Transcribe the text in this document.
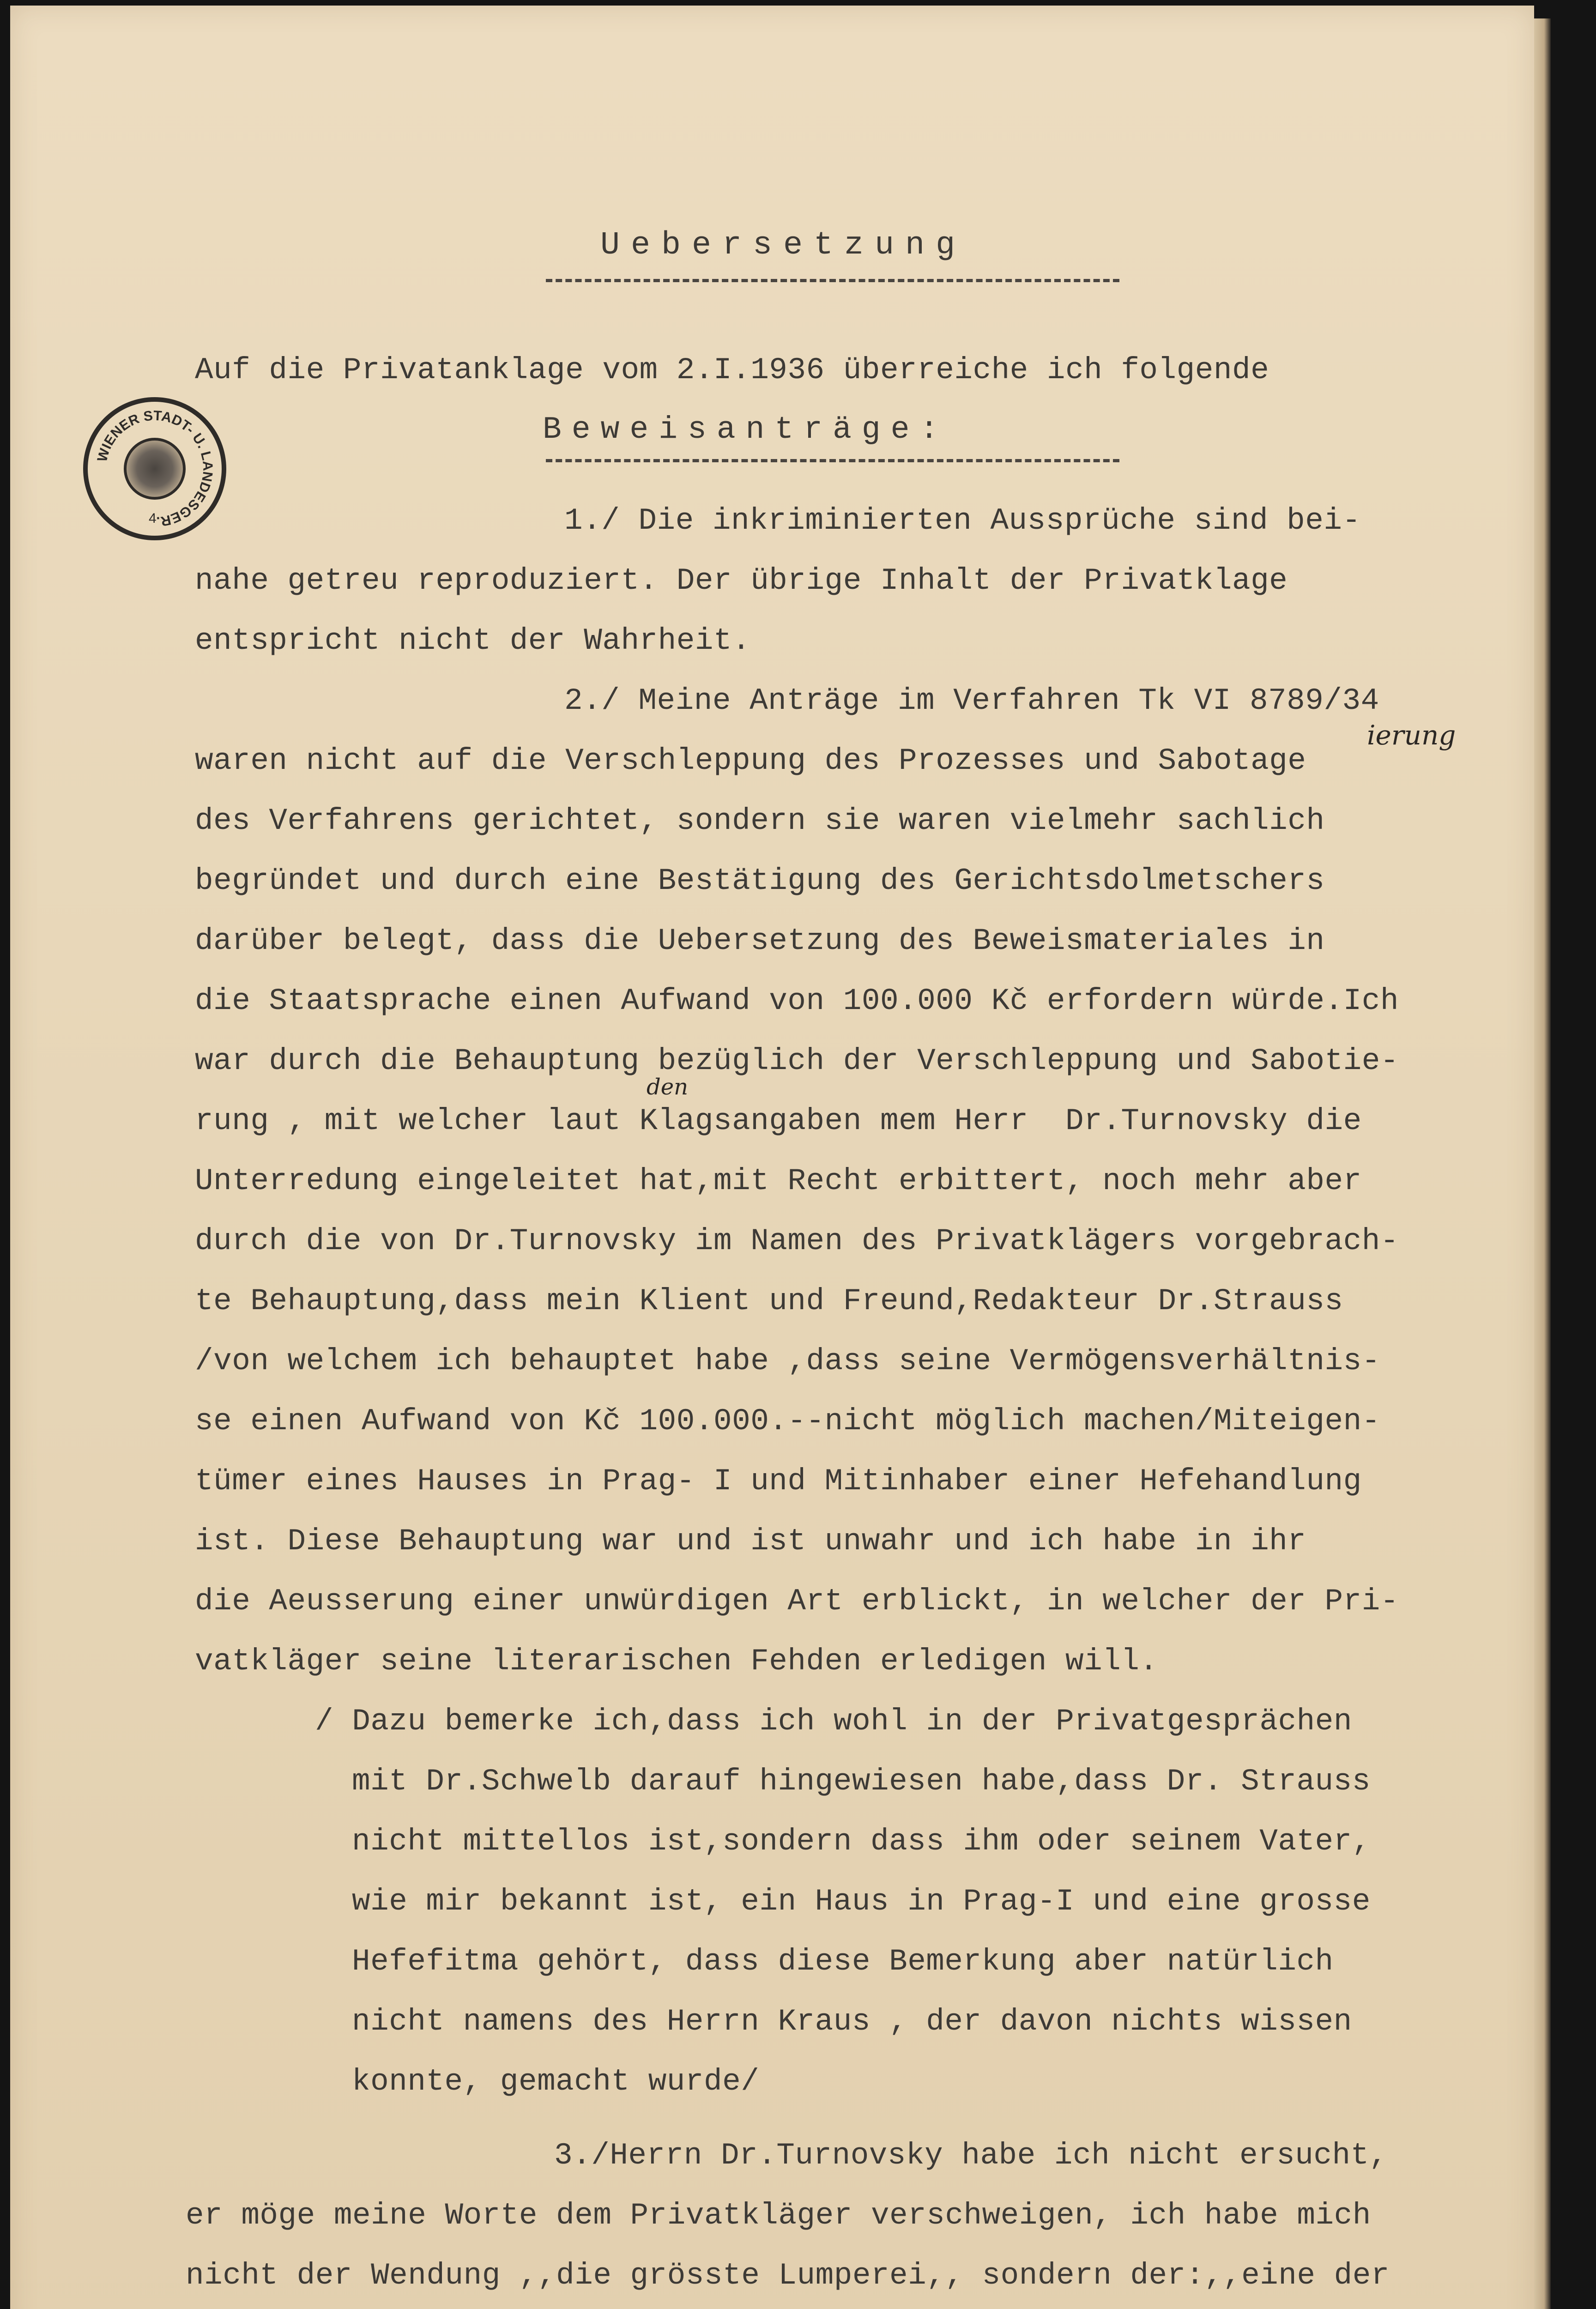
WIENER STADT- U. LANDESGER.
4
Uebersetzung
Auf die Privatanklage vom 2.I.1936 überreiche ich folgende
Beweisanträge:
1./ Die inkriminierten Aussprüche sind bei-
nahe getreu reproduziert. Der übrige Inhalt der Privatklage
entspricht nicht der Wahrheit.
2./ Meine Anträge im Verfahren Tk VI 8789/34
waren nicht auf die Verschleppung des Prozesses und Sabotage
ierung
des Verfahrens gerichtet, sondern sie waren vielmehr sachlich
begründet und durch eine Bestätigung des Gerichtsdolmetschers
darüber belegt, dass die Uebersetzung des Beweismateriales in
die Staatsprache einen Aufwand von 100.000 Kč erfordern würde.Ich
war durch die Behauptung bezüglich der Verschleppung und Sabotie-
den
rung , mit welcher laut Klagsangaben mem Herr  Dr.Turnovsky die
Unterredung eingeleitet hat,mit Recht erbittert, noch mehr aber
durch die von Dr.Turnovsky im Namen des Privatklägers vorgebrach-
te Behauptung,dass mein Klient und Freund,Redakteur Dr.Strauss
/von welchem ich behauptet habe ,dass seine Vermögensverhältnis-
se einen Aufwand von Kč 100.000.--nicht möglich machen/Miteigen-
tümer eines Hauses in Prag- I und Mitinhaber einer Hefehandlung
ist. Diese Behauptung war und ist unwahr und ich habe in ihr
die Aeusserung einer unwürdigen Art erblickt, in welcher der Pri-
vatkläger seine literarischen Fehden erledigen will.
/ Dazu bemerke ich,dass ich wohl in der Privatgesprächen
mit Dr.Schwelb darauf hingewiesen habe,dass Dr. Strauss
nicht mittellos ist,sondern dass ihm oder seinem Vater,
wie mir bekannt ist, ein Haus in Prag-I und eine grosse
Hefefitma gehört, dass diese Bemerkung aber natürlich
nicht namens des Herrn Kraus , der davon nichts wissen
konnte, gemacht wurde/
3./Herrn Dr.Turnovsky habe ich nicht ersucht,
er möge meine Worte dem Privatkläger verschweigen, ich habe mich
nicht der Wendung ,,die grösste Lumperei,, sondern der:,,eine der
